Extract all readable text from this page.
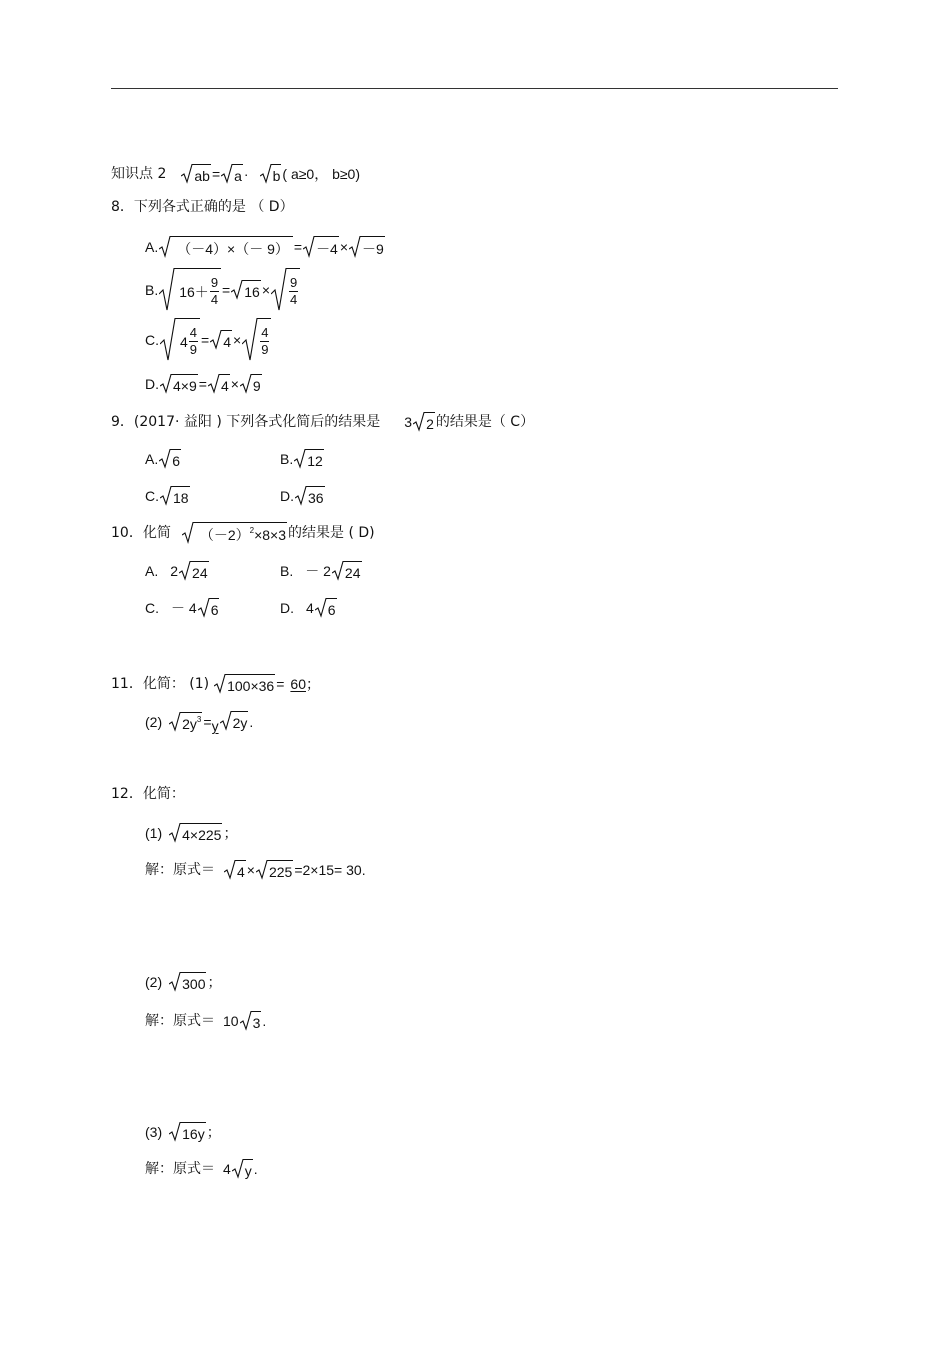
知识点 2 ab = a · b ( a≥0， b≥0)
8．下列各式正确的是 （ D）
A.	（－4）×（－ 9） = －4 × －9
B. $16+ \frac{9}{4} = 16 \times \frac{9}{4}$
C. $4 \frac{4}{9} = 4 \times \frac{4}{9}$
D. 4×9 = 4 × 9
9．(2017· 益阳 ) 下列各式化简后的结果是 3 2 的结果是（ C）
A. 6	B. 12
C. 18	D. 36
10．化简 $(-2)^2 \times 8\times 3$ 的结果是 ( D)
A. 2 24	B. － 2 24
C. － 4 6	D. 4 6
11．化简： (1) 100×36 = 60 ；
(2) $2y^3 = y$ 2y .
12．化简：
(1) 4×225 ；
解：原式＝ 4 × 225 =2×15= 30.
(2) 300 ；
解：原式＝ 10 3 .
(3) 16y ；
解：原式＝ 4 y .
